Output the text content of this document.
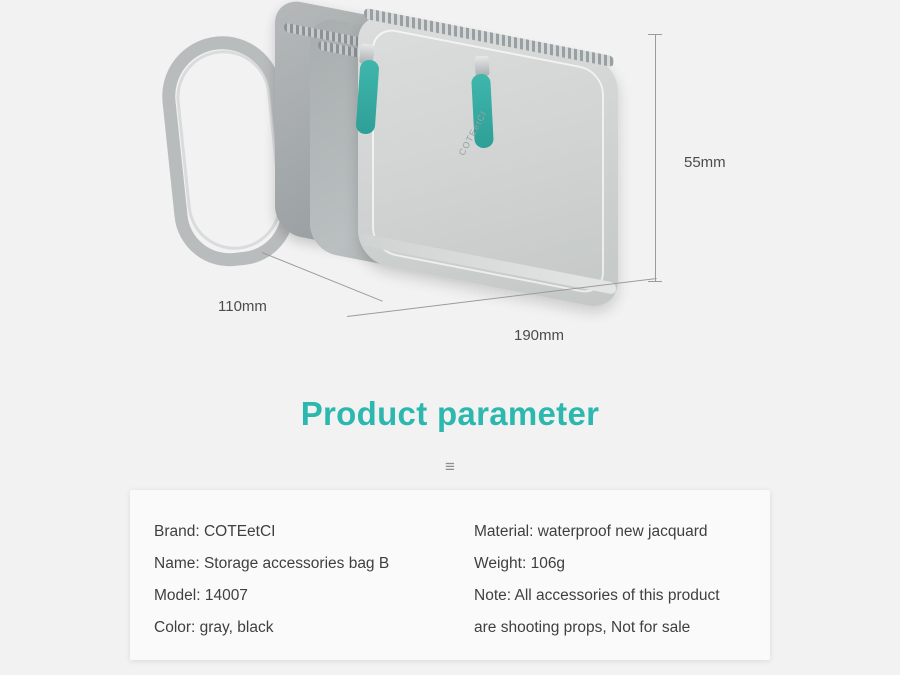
COTEetCI
55mm
110mm
190mm
Product parameter
≡
Brand: COTEetCI
Name: Storage accessories bag B
Model: 14007
Color: gray, black
Material: waterproof new jacquard
Weight: 106g
Note: All accessories of this product
are shooting props, Not for sale
